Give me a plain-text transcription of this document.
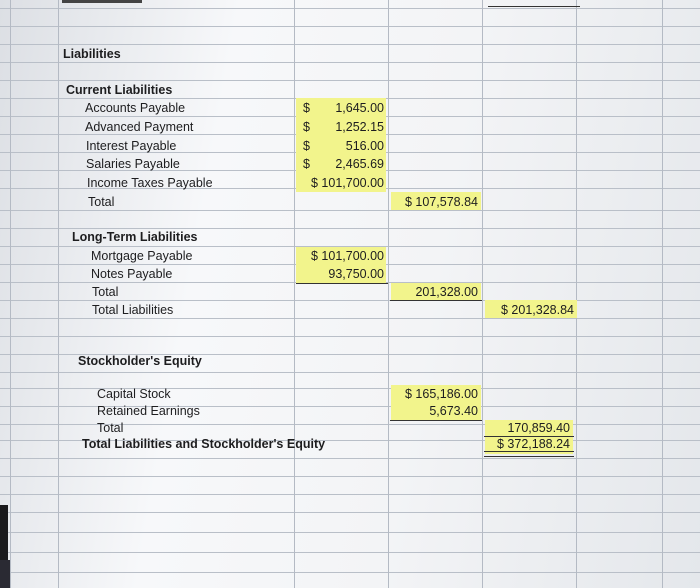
Liabilities
Current Liabilities
Accounts Payable	$ 1,645.00
Advanced Payment	$ 1,252.15
Interest Payable	$	516.00
Salaries Payable	$ 2,465.69
Income Taxes Payable	$ 101,700.00
Total	$ 107,578.84
Long-Term Liabilities
Mortgage Payable	$ 101,700.00
Notes Payable	93,750.00
Total	201,328.00
Total Liabilities	$ 201,328.84
Stockholder's Equity
Capital Stock	$ 165,186.00
Retained Earnings	5,673.40
Total	170,859.40
Total Liabilities and Stockholder's Equity	$ 372,188.24
